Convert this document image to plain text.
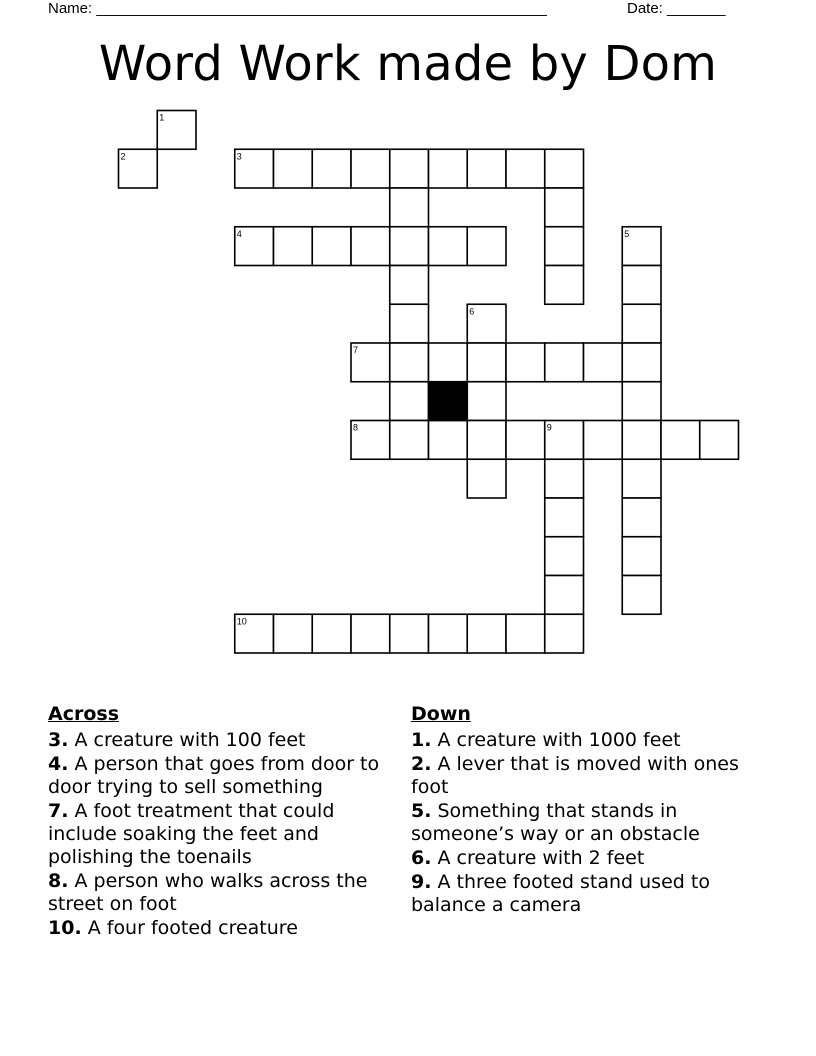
Name: ______________________________________________________	Date: _______
Word Work made by Dom
1
2	3
4	5
6
7
8	9
10
Across
3. A creature with 100 feet
4. A person that goes from door to door trying to sell something
7. A foot treatment that could include soaking the feet and polishing the toenails
8. A person who walks across the street on foot
10. A four footed creature
Down
1. A creature with 1000 feet
2. A lever that is moved with ones foot
5. Something that stands in someone’s way or an obstacle
6. A creature with 2 feet
9. A three footed stand used to balance a camera
